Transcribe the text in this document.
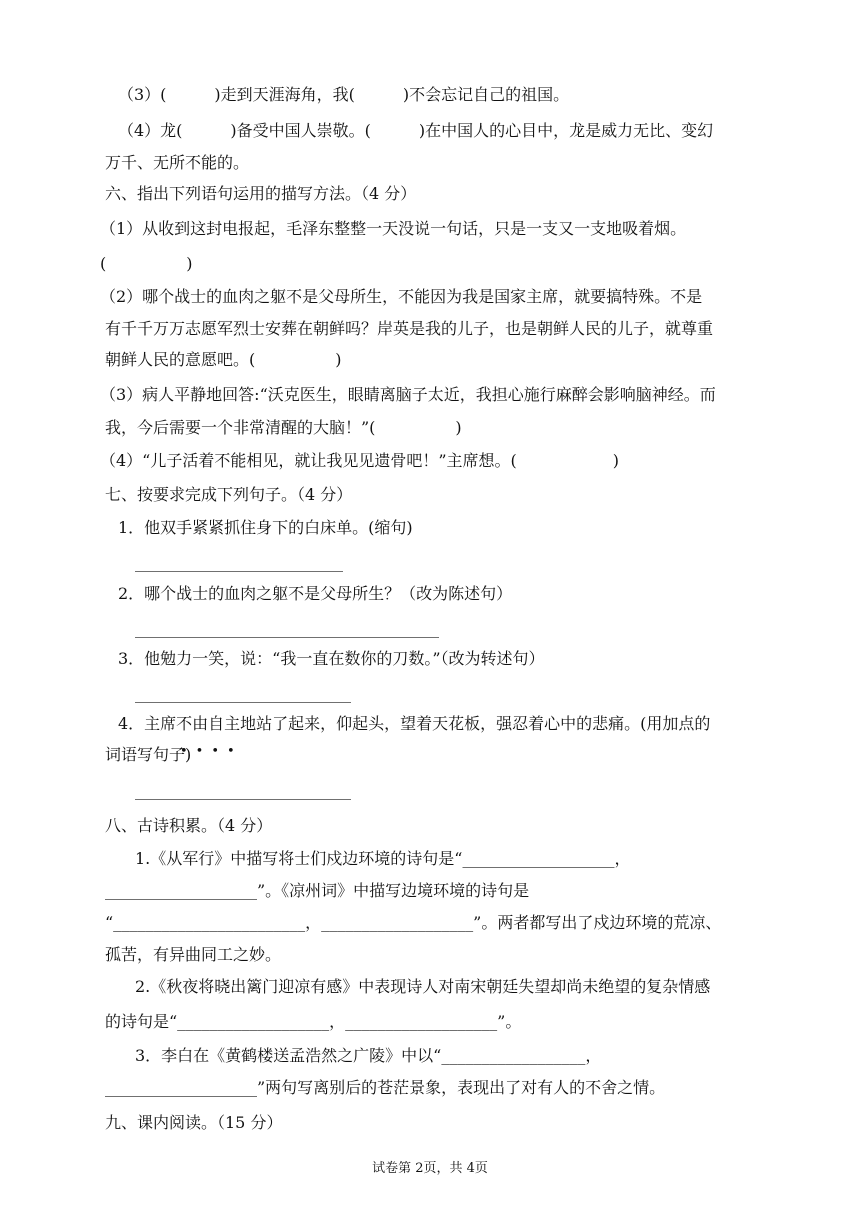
（3）(　　　)走到天涯海角，我(　　　)不会忘记自己的祖国。
（4）龙(　　　)备受中国人崇敬。(　　　)在中国人的心目中，龙是威力无比、变幻
万千、无所不能的。
六、指出下列语句运用的描写方法。（4 分）
（1）从收到这封电报起，毛泽东整整一天没说一句话，只是一支又一支地吸着烟。
(　　　　　)
（2）哪个战士的血肉之躯不是父母所生，不能因为我是国家主席，就要搞特殊。不是
有千千万万志愿军烈士安葬在朝鲜吗？岸英是我的儿子，也是朝鲜人民的儿子，就尊重
朝鲜人民的意愿吧。(　　　　　)
（3）病人平静地回答:“沃克医生，眼睛离脑子太近，我担心施行麻醉会影响脑神经。而
我，今后需要一个非常清醒的大脑！”(　　　　　)
（4）“儿子活着不能相见，就让我见见遗骨吧！”主席想。(　　　　　　)
七、按要求完成下列句子。（4 分）
1．他双手紧紧抓住身下的白床单。(缩句)
__________________________
2．哪个战士的血肉之躯不是父母所生？（改为陈述句）
______________________________________
3．他勉力一笑，说：“我一直在数你的刀数。”（改为转述句）
___________________________
4．主席不由自主地站了起来，仰起头，望着天花板，强忍着心中的悲痛。(用加点的
••••
词语写句子)
___________________________
八、古诗积累。（4 分）
1.《从军行》中描写将士们戍边环境的诗句是“___________________，
___________________”。《凉州词》中描写边境环境的诗句是
“________________________，___________________”。两者都写出了戍边环境的荒凉、
孤苦，有异曲同工之妙。
2.《秋夜将晓出篱门迎凉有感》中表现诗人对南宋朝廷失望却尚未绝望的复杂情感
的诗句是“___________________，___________________”。
3．李白在《黄鹤楼送孟浩然之广陵》中以“__________________，
___________________”两句写离别后的苍茫景象，表现出了对有人的不舍之情。
九、课内阅读。（15 分）
试卷第 2页，共 4页
